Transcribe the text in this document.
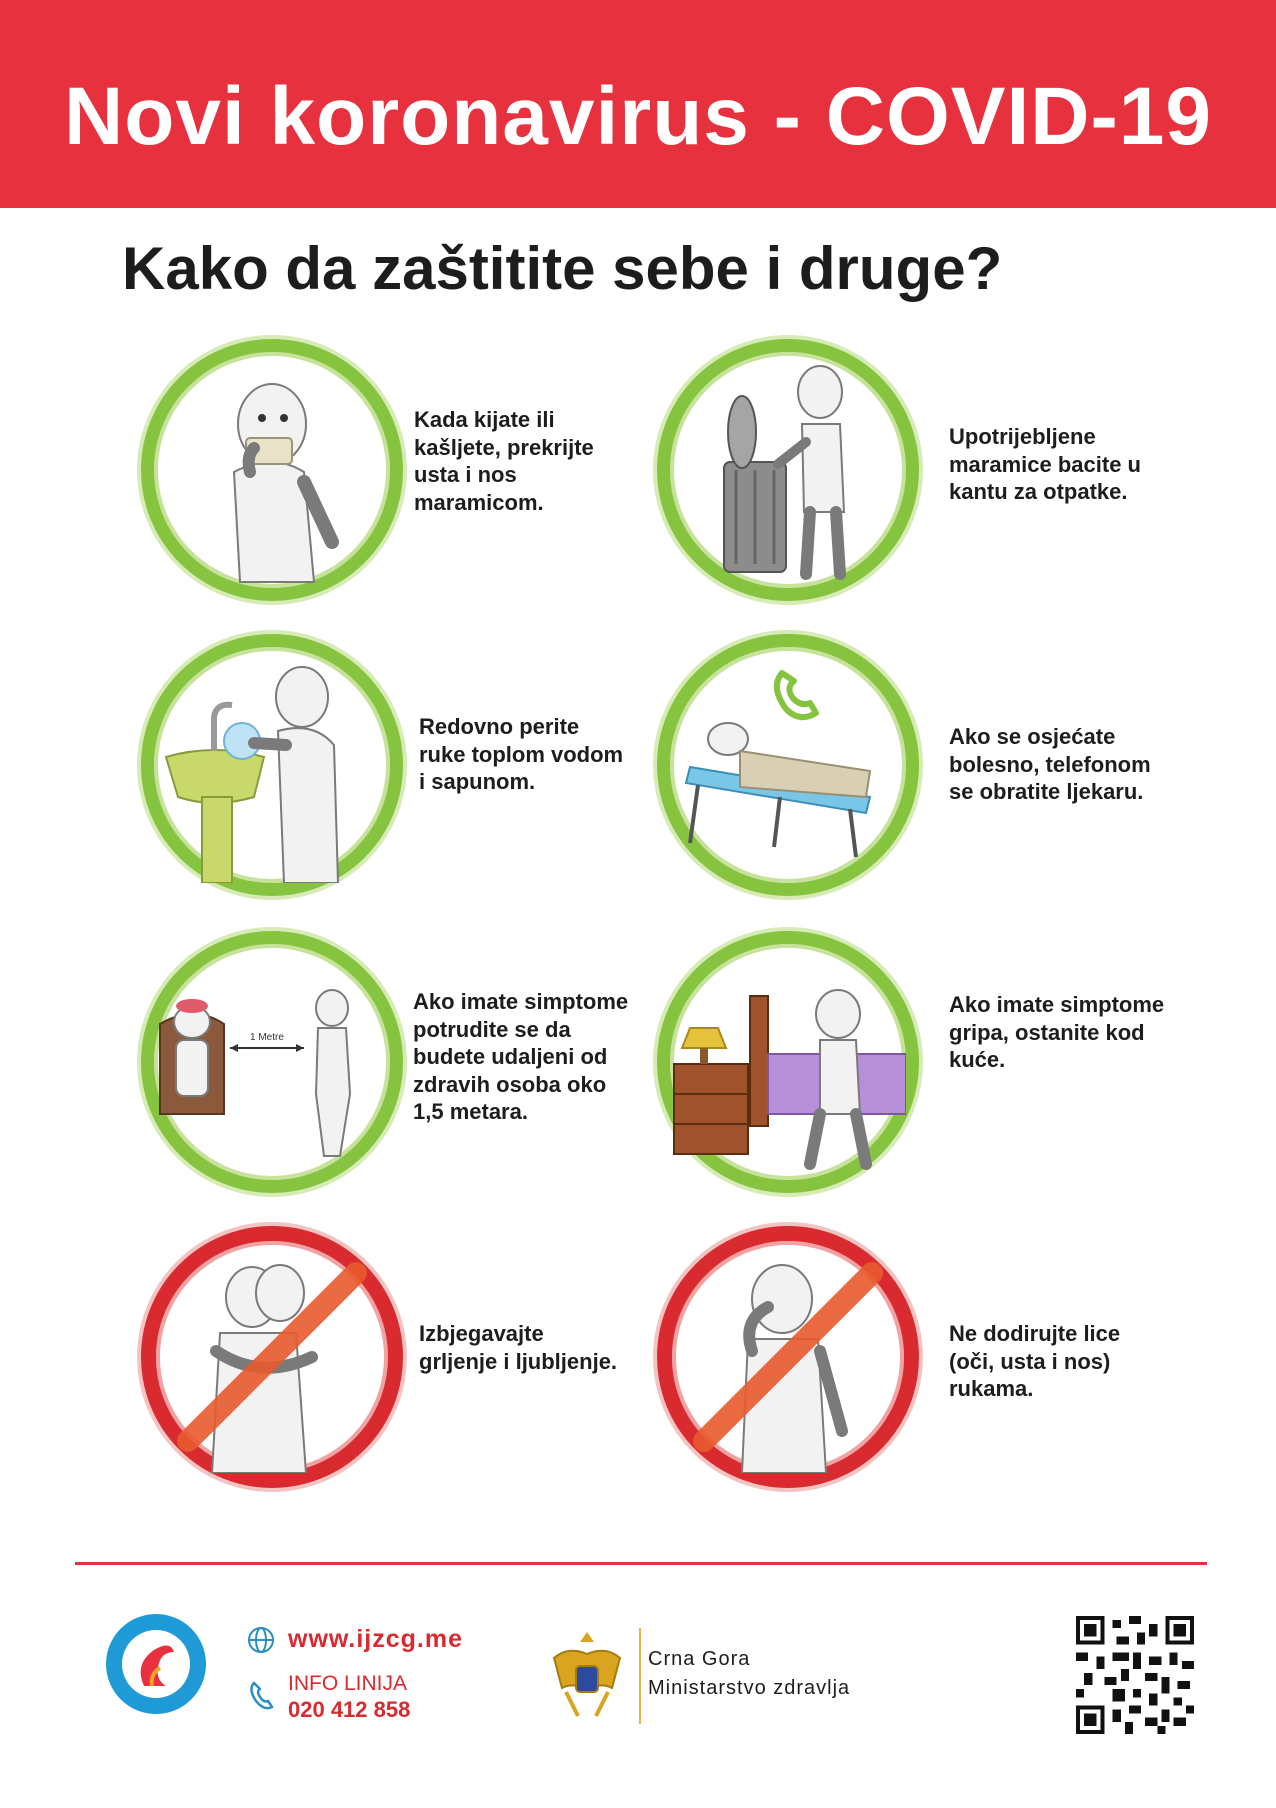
Novi koronavirus - COVID-19
Kako da zaštitite sebe i druge?
Kada kijate ili
kašljete, prekrijte
usta i nos
maramicom.
Upotrijebljene
maramice bacite u
kantu za otpatke.
Redovno perite
ruke toplom vodom
i sapunom.
Ako se osjećate
bolesno, telefonom
se obratite ljekaru.
1 Metre
Ako imate simptome
potrudite se da
budete udaljeni od
zdravih osoba oko
1,5 metara.
Ako imate simptome
gripa, ostanite kod
kuće.
Izbjegavajte
grljenje i ljubljenje.
Ne dodirujte lice
(oči, usta i nos)
rukama.
www.ijzcg.me
INFO LINIJA
020 412 858
Crna Gora
Ministarstvo zdravlja
